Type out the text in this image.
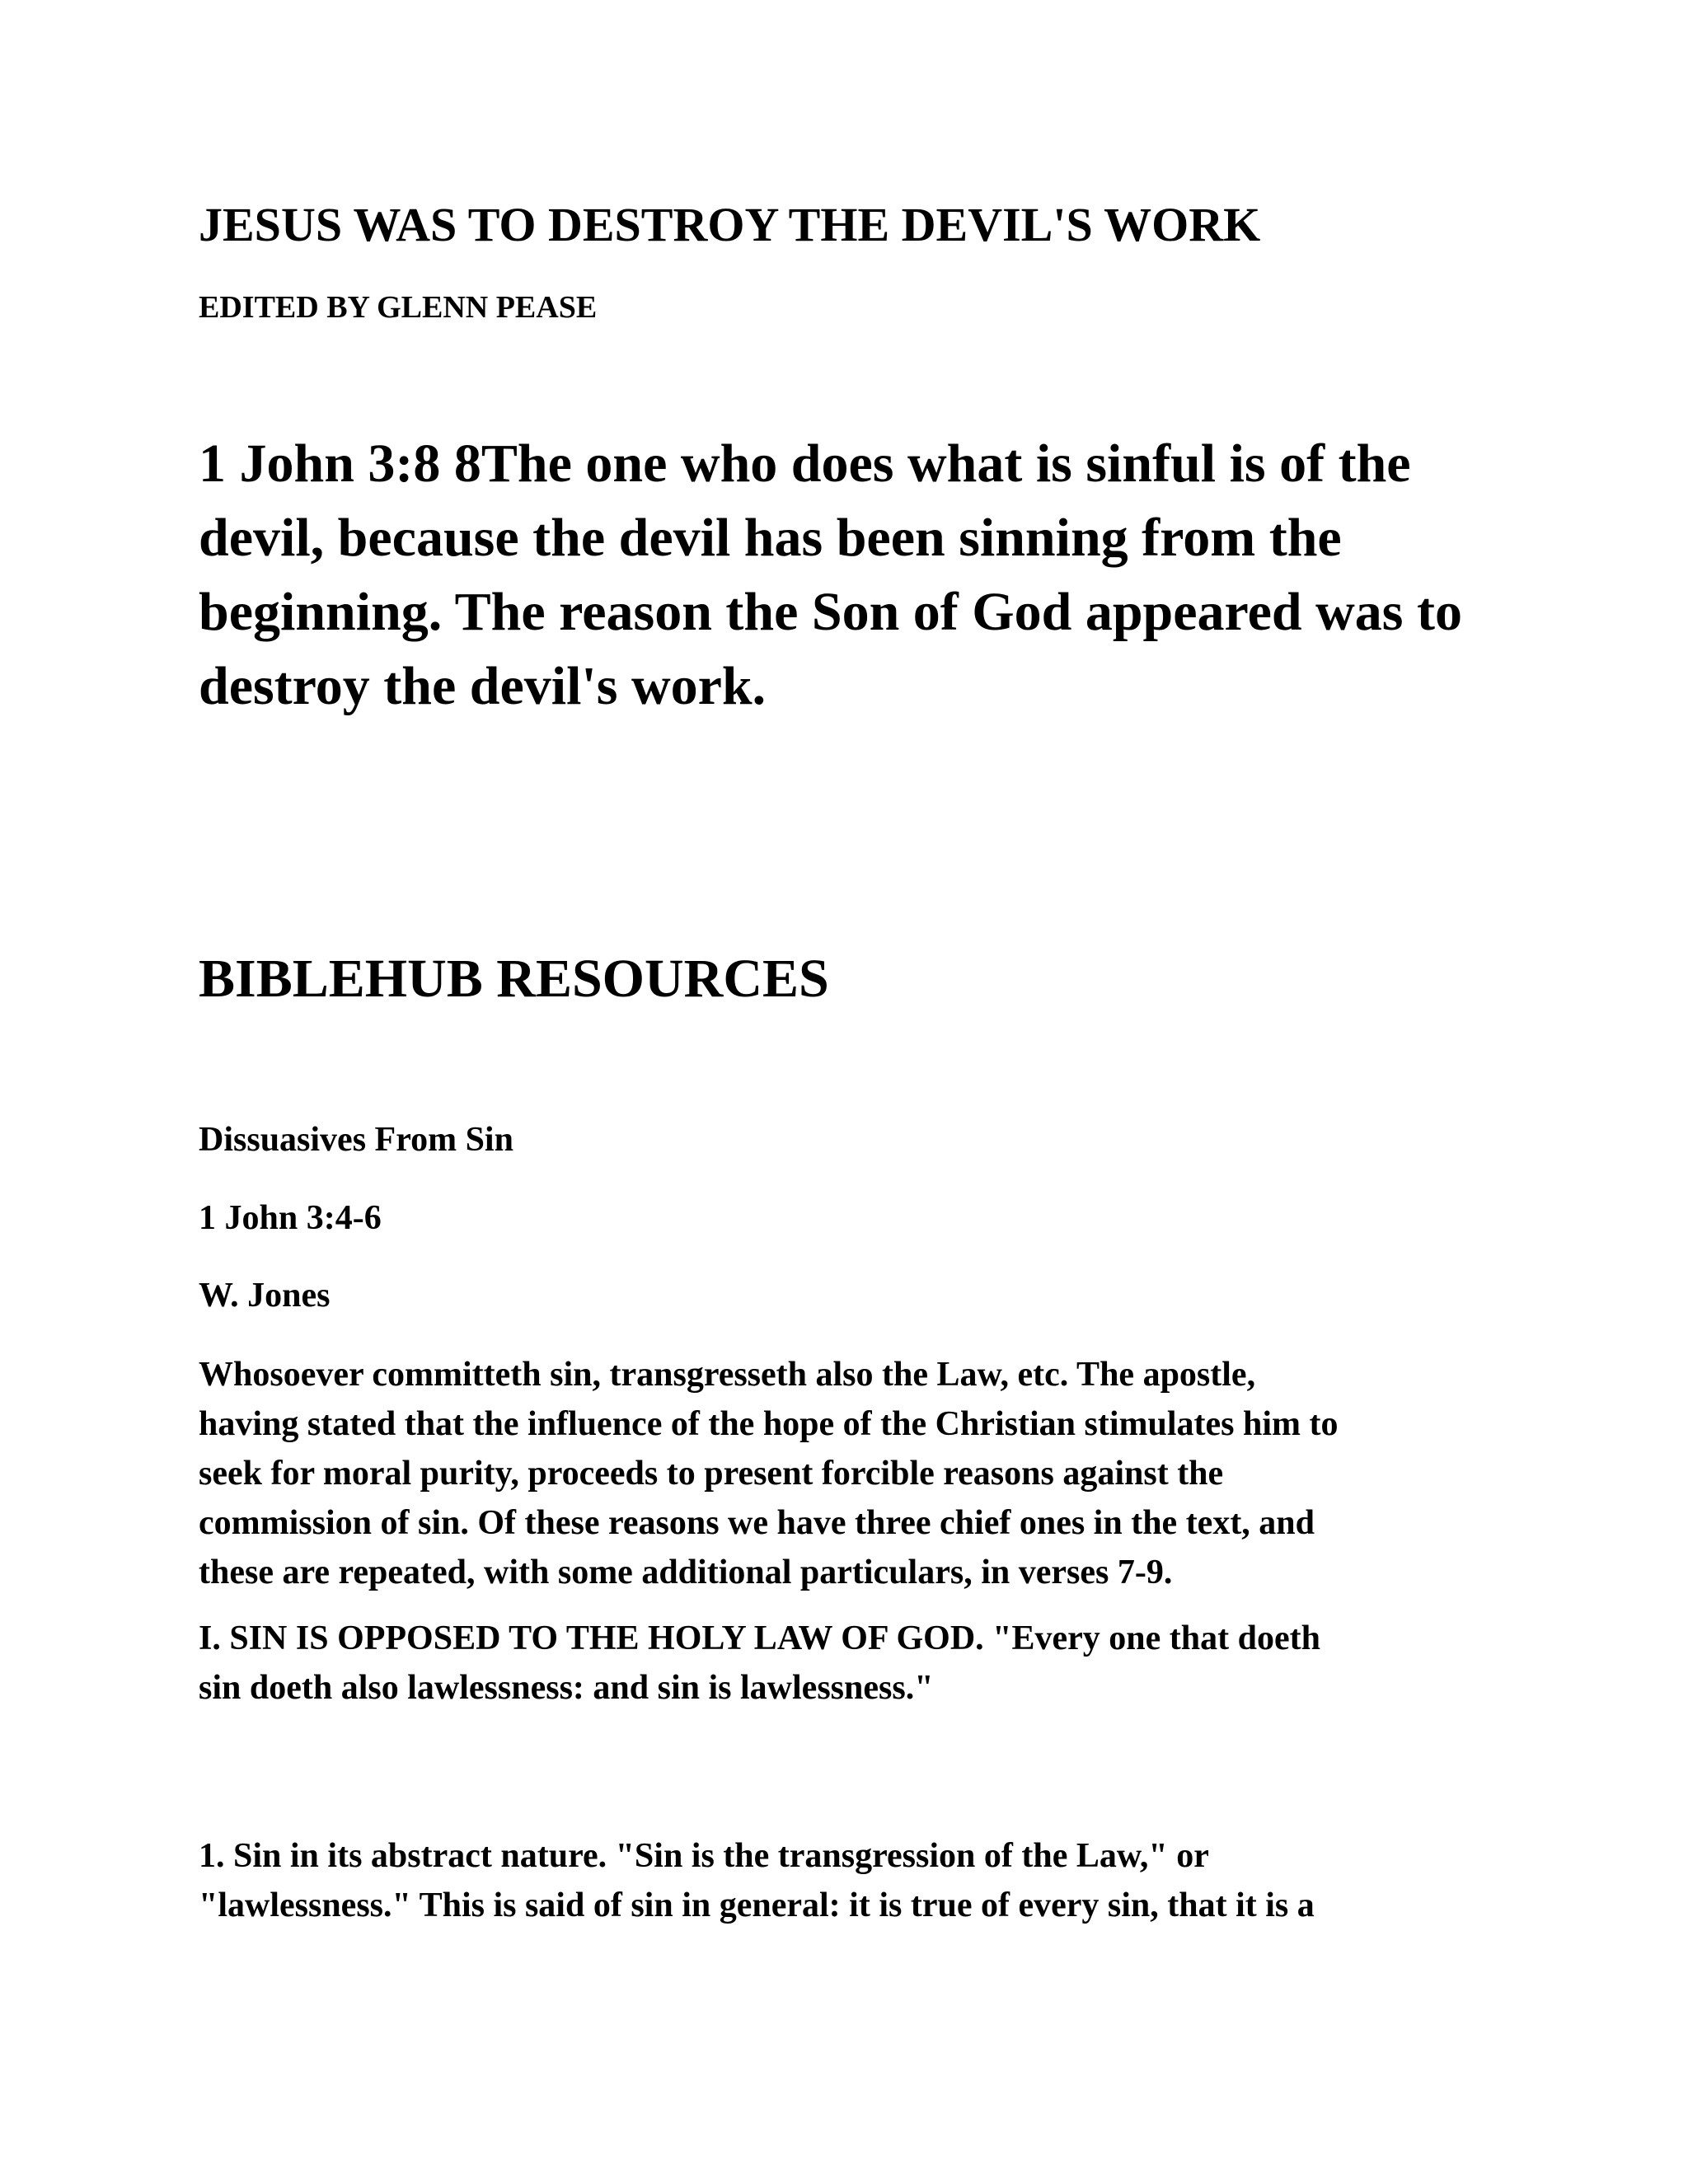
JESUS WAS TO DESTROY THE DEVIL'S WORK
EDITED BY GLENN PEASE
1 John 3:8 8The one who does what is sinful is of the
devil, because the devil has been sinning from the
beginning. The reason the Son of God appeared was to
destroy the devil's work.
BIBLEHUB RESOURCES
Dissuasives From Sin
1 John 3:4-6
W. Jones
Whosoever committeth sin, transgresseth also the Law, etc. The apostle,
having stated that the influence of the hope of the Christian stimulates him to
seek for moral purity, proceeds to present forcible reasons against the
commission of sin. Of these reasons we have three chief ones in the text, and
these are repeated, with some additional particulars, in verses 7-9.
I. SIN IS OPPOSED TO THE HOLY LAW OF GOD. "Every one that doeth
sin doeth also lawlessness: and sin is lawlessness."
1. Sin in its abstract nature. "Sin is the transgression of the Law," or
"lawlessness." This is said of sin in general: it is true of every sin, that it is a
